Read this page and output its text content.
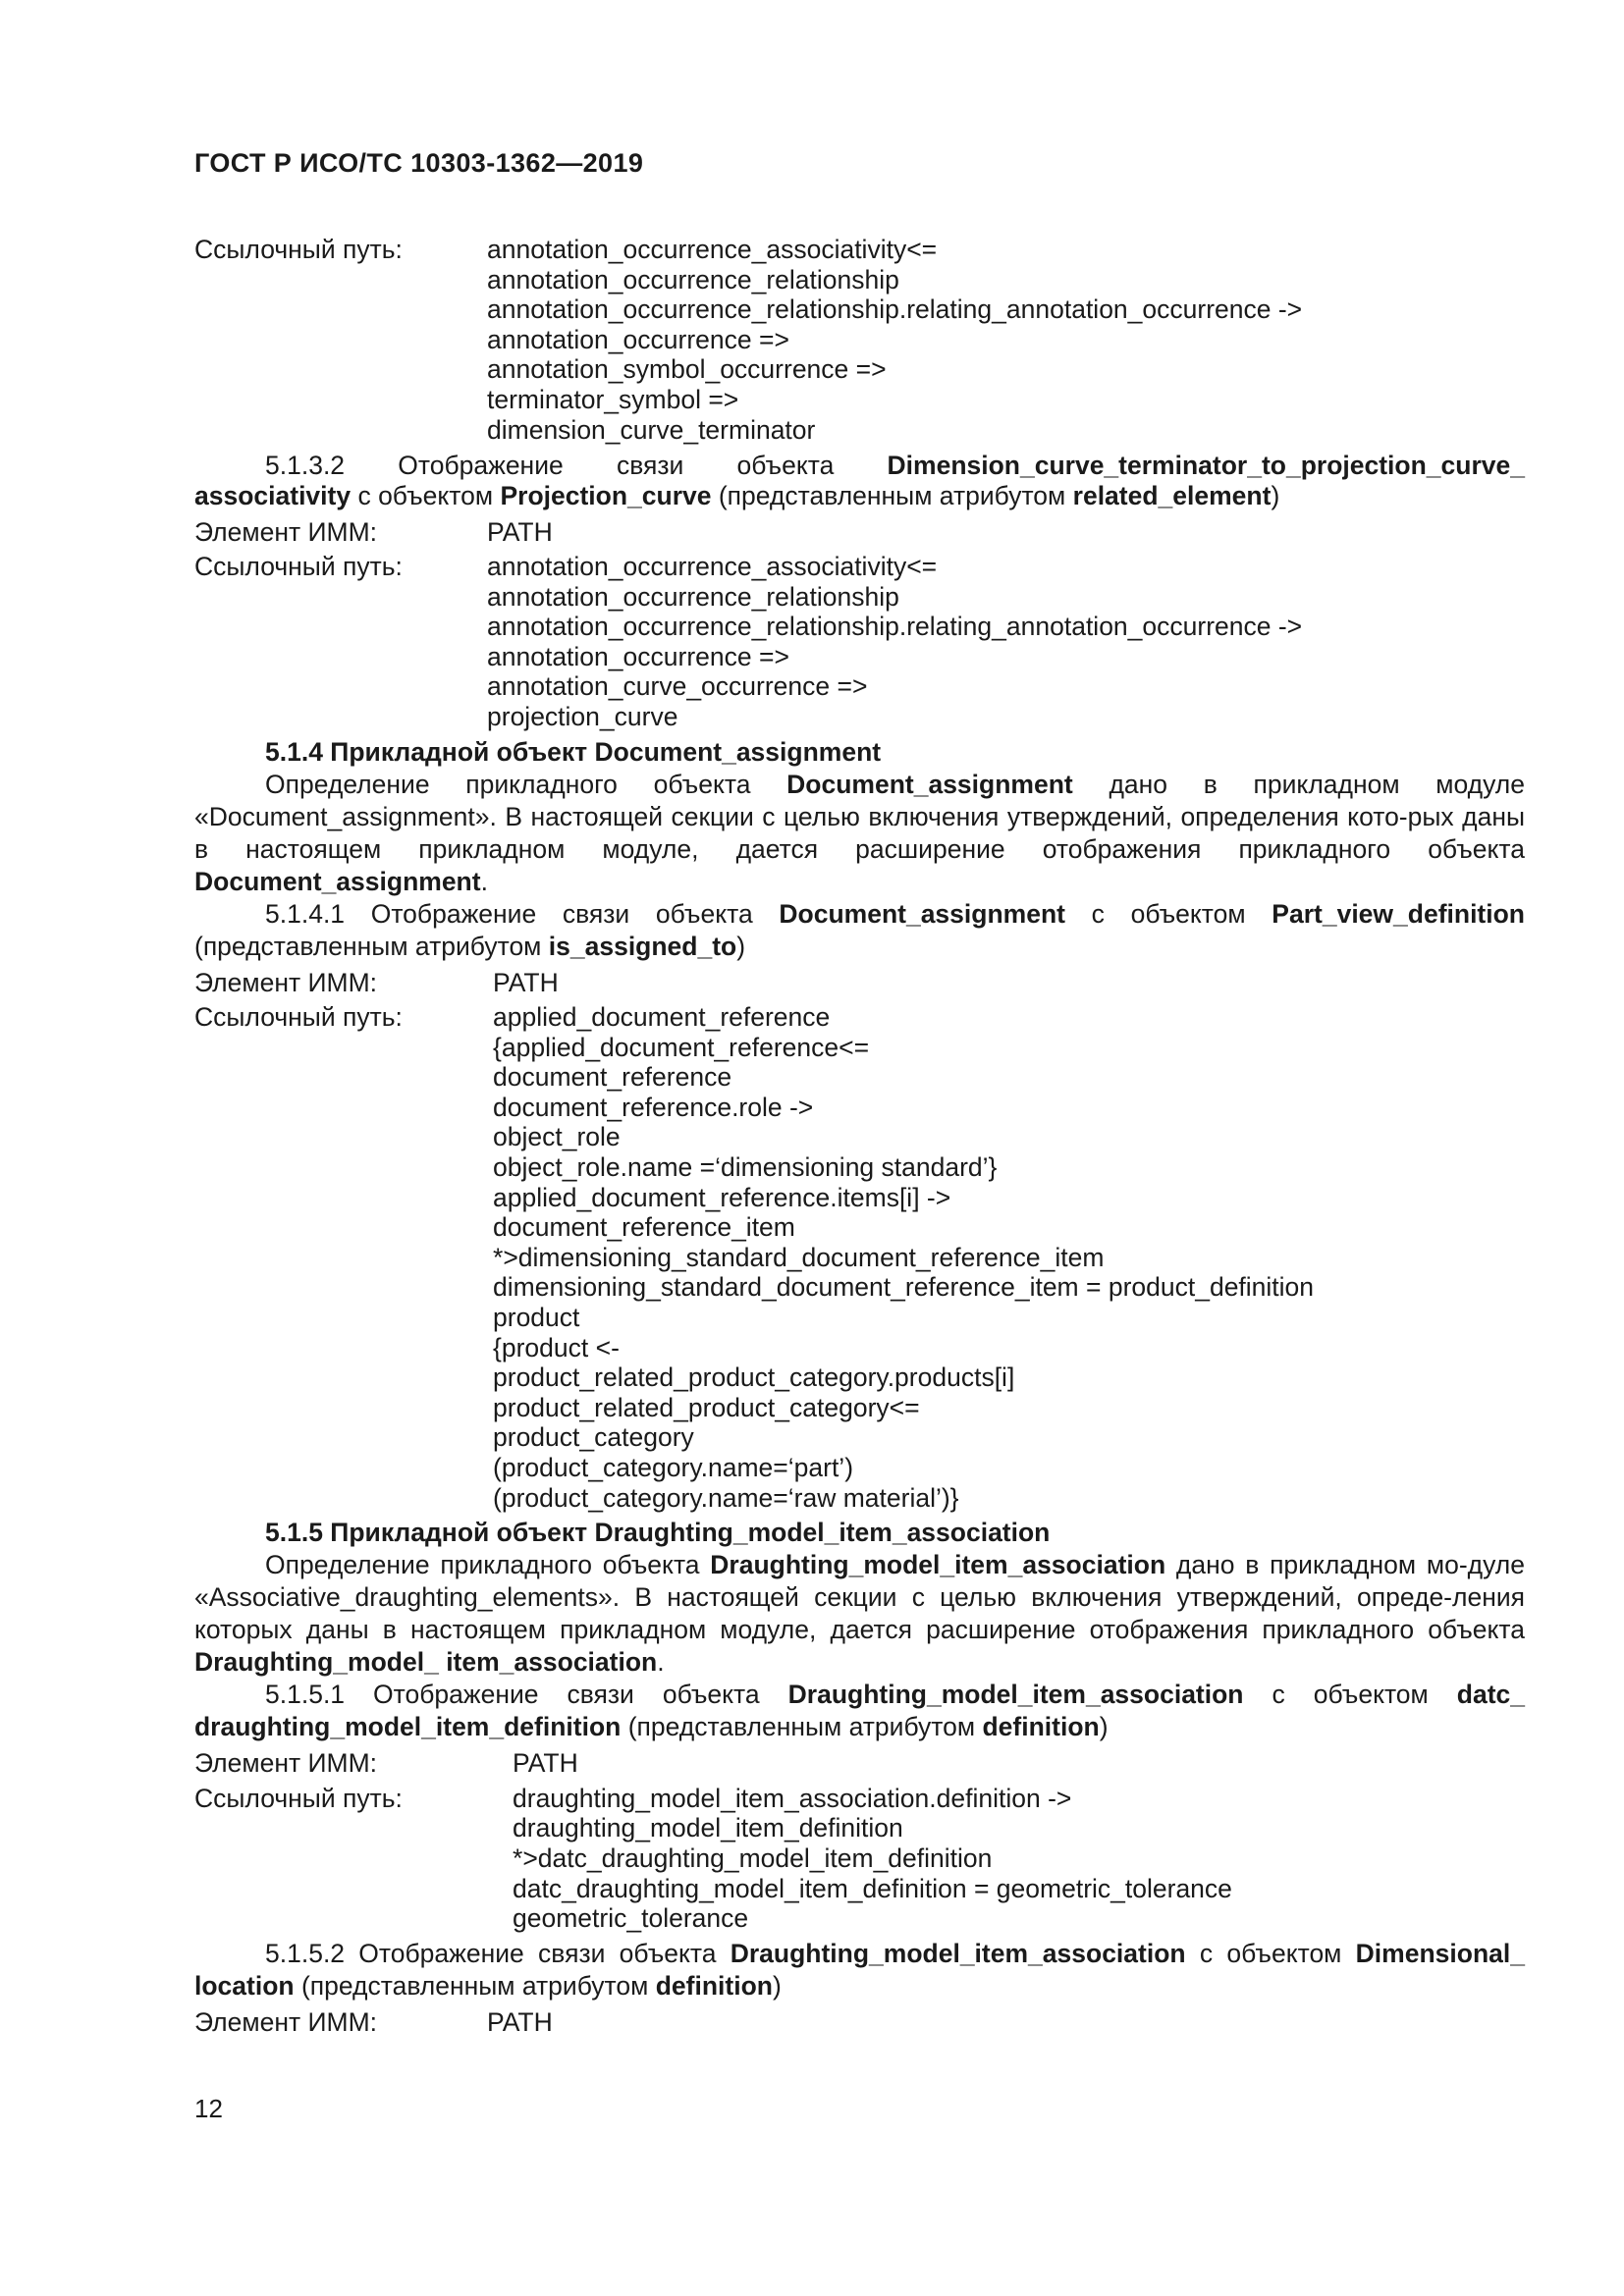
ГОСТ Р ИСО/ТС 10303-1362—2019
Ссылочный путь:	annotation_occurrence_associativity<=
annotation_occurrence_relationship
annotation_occurrence_relationship.relating_annotation_occurrence ->
annotation_occurrence =>
annotation_symbol_occurrence =>
terminator_symbol =>
dimension_curve_terminator
5.1.3.2 Отображение связи объекта Dimension_curve_terminator_to_projection_curve_
associativity с объектом Projection_curve (представленным атрибутом related_element)
Элемент ИММ:	PATH
Ссылочный путь:	annotation_occurrence_associativity<=
annotation_occurrence_relationship
annotation_occurrence_relationship.relating_annotation_occurrence ->
annotation_occurrence =>
annotation_curve_occurrence =>
projection_curve
5.1.4 Прикладной объект Document_assignment

Определение прикладного объекта Document_assignment дано в прикладном модуле «Document_assignment». В настоящей секции с целью включения утверждений, определения кото-рых даны в настоящем прикладном модуле, дается расширение отображения прикладного объекта Document_assignment.

5.1.4.1 Отображение связи объекта Document_assignment с объектом Part_view_definition (представленным атрибутом is_assigned_to)

Элемент ИММ:	PATH
Ссылочный путь:	applied_document_reference
{applied_document_reference<=
document_reference
document_reference.role ->
object_role
object_role.name =‘dimensioning standard’}
applied_document_reference.items[i] ->
document_reference_item
*>dimensioning_standard_document_reference_item
dimensioning_standard_document_reference_item = product_definition
product
{product <-
product_related_product_category.products[i]
product_related_product_category<=
product_category
(product_category.name=‘part’)
(product_category.name=‘raw material’)}
5.1.5 Прикладной объект Draughting_model_item_association

Определение прикладного объекта Draughting_model_item_association дано в прикладном мо-дуле «Associative_draughting_elements». В настоящей секции с целью включения утверждений, опреде-ления которых даны в настоящем прикладном модуле, дается расширение отображения прикладного объекта Draughting_model_ item_association.

5.1.5.1 Отображение связи объекта Draughting_model_item_association с объектом datc_ draughting_model_item_definition (представленным атрибутом definition)

Элемент ИММ:	PATH
Ссылочный путь:	draughting_model_item_association.definition ->
draughting_model_item_definition
*>datc_draughting_model_item_definition
datc_draughting_model_item_definition = geometric_tolerance
geometric_tolerance

5.1.5.2 Отображение связи объекта Draughting_model_item_association с объектом Dimensional_ location (представленным атрибутом definition)

Элемент ИММ:	PATH
12
